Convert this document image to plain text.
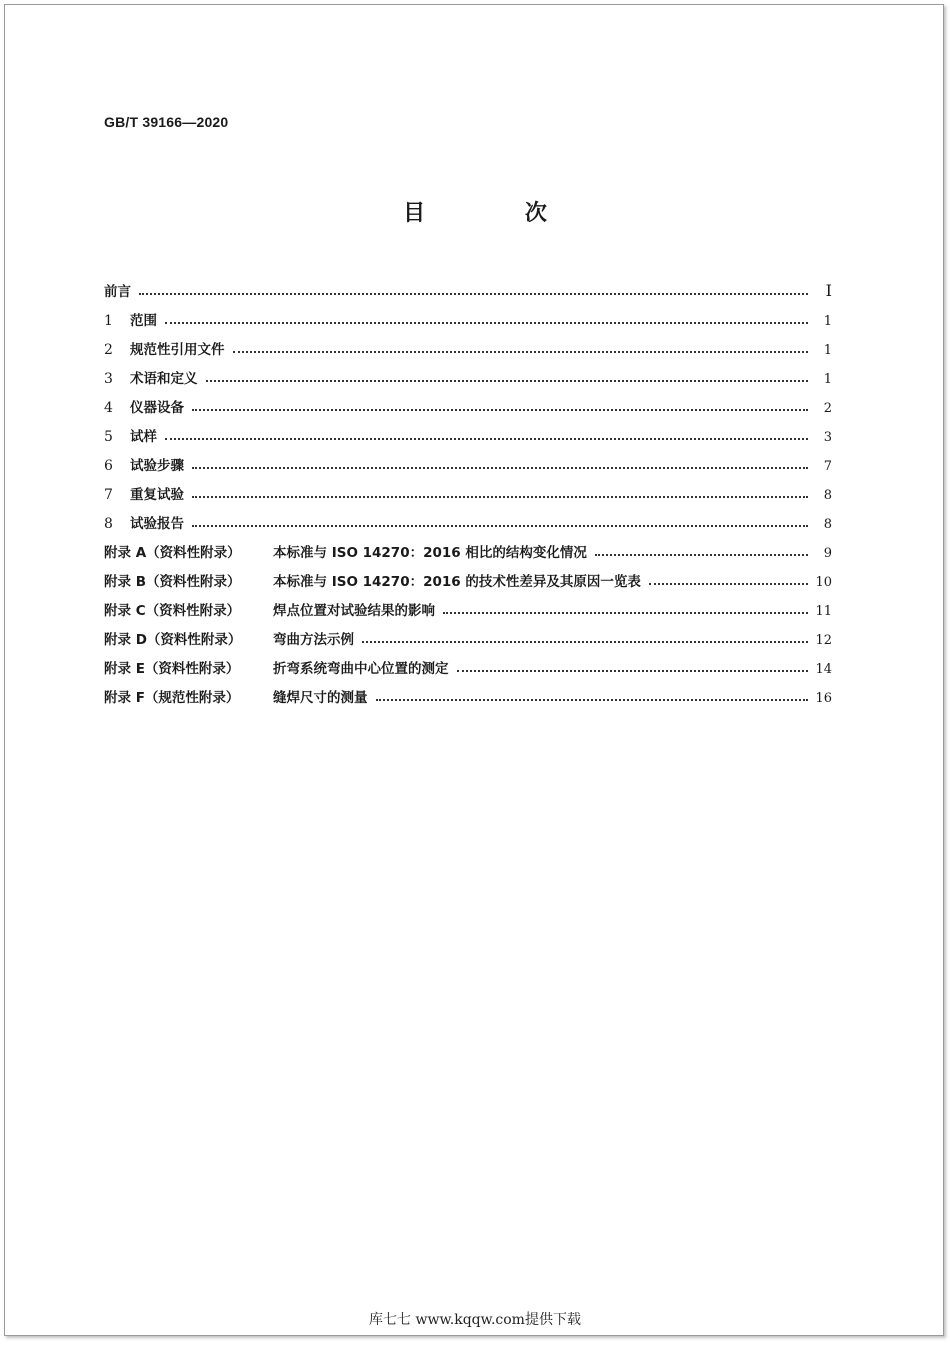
GB/T 39166—2020
目 次
前言	I
1	范围	1
2	规范性引用文件	1
3	术语和定义	1
4	仪器设备	2
5	试样	3
6	试验步骤	7
7	重复试验	8
8	试验报告	8
附录 A（资料性附录）	本标准与 ISO 14270：2016 相比的结构变化情况	9
附录 B（资料性附录）	本标准与 ISO 14270：2016 的技术性差异及其原因一览表	10
附录 C（资料性附录）	焊点位置对试验结果的影响	11
附录 D（资料性附录）	弯曲方法示例	12
附录 E（资料性附录）	折弯系统弯曲中心位置的测定	14
附录 F（规范性附录）	缝焊尺寸的测量	16
库七七 www.kqqw.com提供下载
